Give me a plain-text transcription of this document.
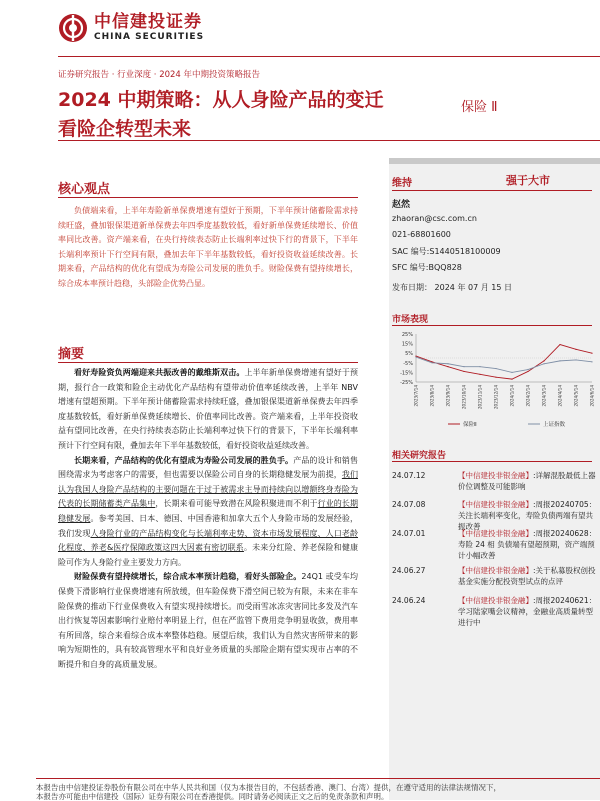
中信建投证券
CHINA SECURITIES
证券研究报告 · 行业深度 · 2024 年中期投资策略报告
2024 中期策略：从人身险产品的变迁看险企转型未来
保险 Ⅱ
维持	强于大市
赵然
zhaoran@csc.com.cn
021-68801600
SAC 编号:S1440518100009
SFC 编号:BQQ828
发布日期： 2024 年 07 月 15 日
市场表现
25%
15%
5%
-5%
-15%
-25%
2023/7/14	2023/8/14	2023/9/14	2023/10/14	2023/11/14	2023/12/14	2024/1/14	2024/2/14	2024/3/14	2024/4/14	2024/5/14	2024/6/14
保险Ⅱ	上证指数
相关研究报告
24.07.12	【中信建投非银金融】:详解混股最低上器价位调整及可能影响
24.07.08	【中信建投非银金融】:周报20240705：关注长端利率变化，寿险负债两端有望共振改善
24.07.01	【中信建投非银金融】:周报20240628：寿险 24 相 负债端有望超预期，资产端预计小幅改善
24.06.27	【中信建投非银金融】:关于私募股权创投基金实施分配投资型试点的点评
24.06.24	【中信建投非银金融】:周报20240621：学习陆家嘴会议精神，金融业高质量转型进行中
核心观点

负债端来看，上半年寿险新单保费增速有望好于预期，下半年预计储蓄险需求持续旺盛，叠加银保渠道新单保费去年四季度基数较低，看好新单保费延续增长、价值率同比改善。资产端来看，在央行持续表态防止长端利率过快下行的背景下，下半年长端利率预计下行空间有限，叠加去年下半年基数较低，看好投资收益延续改善。长期来看，产品结构的优化有望成为寿险公司发展的胜负手。财险保费有望持续增长，综合成本率预计趋稳，头部险企优势凸显。

摘要

看好寿险资负两端迎来共振改善的戴维斯双击。上半年新单保费增速有望好于预期，报行合一政策和险企主动优化产品结构有望带动价值率延续改善，上半年 NBV 增速有望超预期。下半年预计储蓄险需求持续旺盛，叠加银保渠道新单保费去年四季度基数较低，看好新单保费延续增长、价值率同比改善。资产端来看，上半年投资收益有望同比改善，在央行持续表态防止长端利率过快下行的背景下，下半年长端利率预计下行空间有限，叠加去年下半年基数较低，看好投资收益延续改善。

长期来看，产品结构的优化有望成为寿险公司发展的胜负手。产品的设计和销售围绕需求为考虑客户的需要，但也需要以保险公司自身的长期稳健发展为前提，我们认为我国人身险产品结构的主要问题在于过于被需求主导而持续向以增额终身寿险为代表的长期储蓄类产品集中，长期来看可能导致潜在风险积聚进而不利于行业的长期稳健发展。参考美国、日本、德国、中国香港和加拿大五个人身险市场的发展经验，我们发现人身险行业的产品结构变化与长端利率走势、资本市场发展程度、人口老龄化程度、养老&医疗保障政策这四大因素有密切联系。未来分红险、养老保险和健康险可作为人身险行业主要发力方向。

财险保费有望持续增长，综合成本率预计趋稳，看好头部险企。24Q1 或受车均保费下滑影响行业保费增速有所放缓，但车险保费下滑空间已较为有限，未来在非车险保费的推动下行业保费收入有望实现持续增长。而受雨雪冰冻灾害同比多发及汽车出行恢复等因素影响行业赔付率明显上行，但在严监管下费用竞争明显收敛，费用率有所回落，综合来看综合成本率整体趋稳。展望后续，我们认为自然灾害所带来的影响为短期性的，具有较高管理水平和良好业务质量的头部险企期有望实现市占率的不断提升和自身的高质量发展。

本报告由中信建投证券股份有限公司在中华人民共和国（仅为本报告目的，不包括香港、澳门、台湾）提供，在遵守适用的法律法规情况下，
本报告亦可能由中信建投（国际）证券有限公司在香港提供。同时请务必阅读正文之后的免责条款和声明。
